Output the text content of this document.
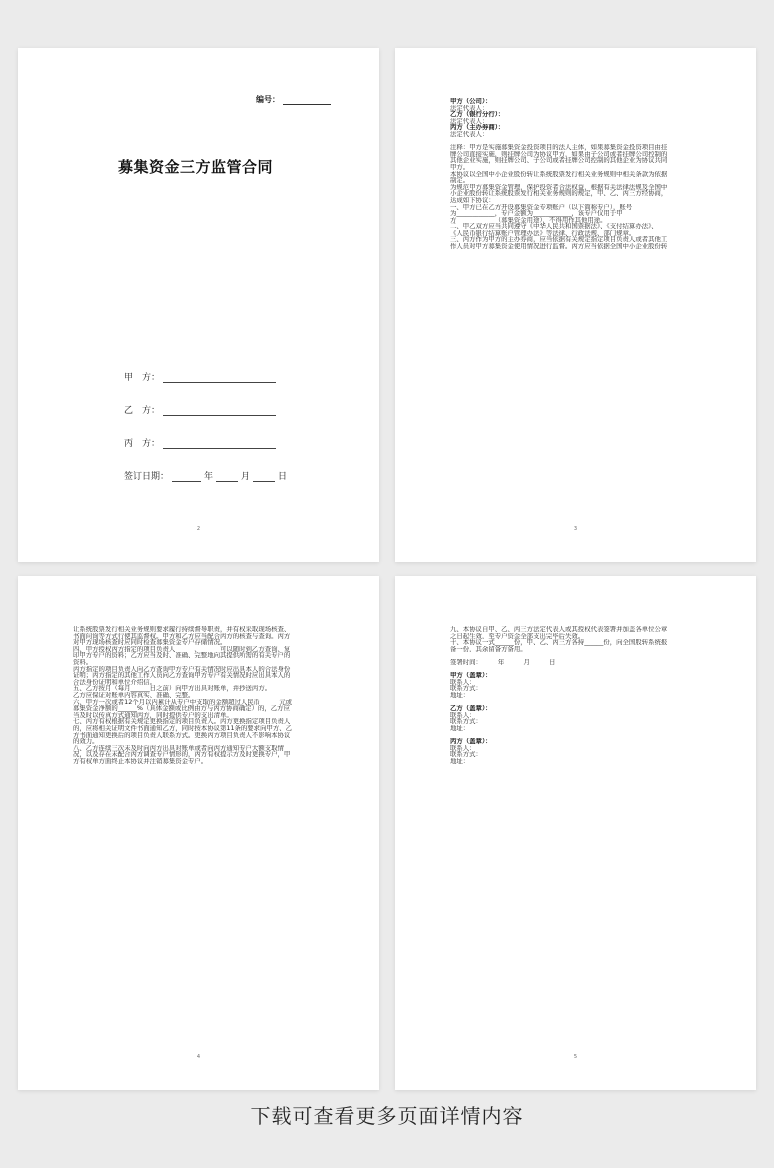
编号：
募集资金三方监管合同
甲　方：
乙　方：
丙　方：
签订日期：	年	月	日
2
甲方（公司）：
法定代表人：
乙方（银行分行）：
法定代表人：
丙方（主办券商）：
法定代表人：
注释：甲方是实施募集资金投资项目的法人主体，如果募集资金投资项目由挂
牌公司直接实施，则挂牌公司为协议甲方，如果由子公司或者挂牌公司控制的
其他企业实施，则挂牌公司、子公司或者挂牌公司控制的其他企业为协议共同
甲方。
本协议以全国中小企业股份转让系统股票发行相关业务规则中相关条款为依据
制定。
为规范甲方募集资金管理，保护投资者合法权益，根据有关法律法规及全国中
小企业股份转让系统股票发行相关业务规则的规定，甲、乙、丙三方经协商，
达成如下协议：
一、甲方已在乙方开设募集资金专项账户（以下简称专户），账号
为____________，专户金额为____________，该专户仅用于甲
方____________（募集资金用途），不得用作其他用途。
二、甲乙双方应当共同遵守《中华人民共和国票据法》、《支付结算办法》、
《人民币银行结算账户管理办法》等法律、行政法规、部门规章。
三、丙方作为甲方的主办券商，应当依据有关规定指定项目负责人或者其他工
作人员对甲方募集资金使用情况进行监督。丙方应当依据全国中小企业股份转
3
让系统股票发行相关业务规则要求履行持续督导职责，并有权采取现场核查、
书面问询等方式行使其监督权。甲方和乙方应当配合丙方的核查与查询。丙方
对甲方现场核查时应同时检查募集资金专户存储情况。
四、甲方授权丙方指定的项目负责人______、______可以随时到乙方查询、复
印甲方专户的资料；乙方应当及时、准确、完整地向其提供所需的有关专户的
资料。
丙方指定的项目负责人向乙方查询甲方专户有关情况时应出具本人的合法身份
证明；丙方指定的其他工作人员向乙方查询甲方专户有关情况时应出具本人的
合法身份证明和单位介绍信。
五、乙方按月（每月______日之前）向甲方出具对账单，并抄送丙方。
乙方应保证对账单内容真实、准确、完整。
六、甲方一次或者12个月以内累计从专户中支取的金额超过人民币______元或
募集资金净额的______%（具体金额或比例由方与丙方协商确定）的，乙方应
当及时以传真方式通知丙方，同时提供专户的支出清单。
七、丙方有权根据有关规定更换指定的项目负责人。丙方更换指定项目负责人
的，应将相关证明文件书面通知乙方，同时按本协议第11条的要求向甲方、乙
方书面通知更换后的项目负责人联系方式。更换丙方项目负责人不影响本协议
的效力。
八、乙方连续三次未及时向丙方出具对账单或者向丙方通知专户大额支取情
况，以及存在未配合丙方调查专户情形的，丙方有权提示方及时更换专户，甲
方有权单方面终止本协议并注销募集资金专户。
4
九、本协议自甲、乙、丙三方法定代表人或其授权代表签署并加盖各单位公章
之日起生效，至专户资金全部支出完毕后失效。
十、本协议一式______份，甲、乙、丙三方各持______份，向全国股转系统报
备一份，其余留备方备用。
签署时间：　　　年　　　月　　　日
甲方（盖章）：
联系人：
联系方式：
地址：
乙方（盖章）：
联系人：
联系方式：
地址：
丙方（盖章）：
联系人：
联系方式：
地址：
5
下载可查看更多页面详情内容
